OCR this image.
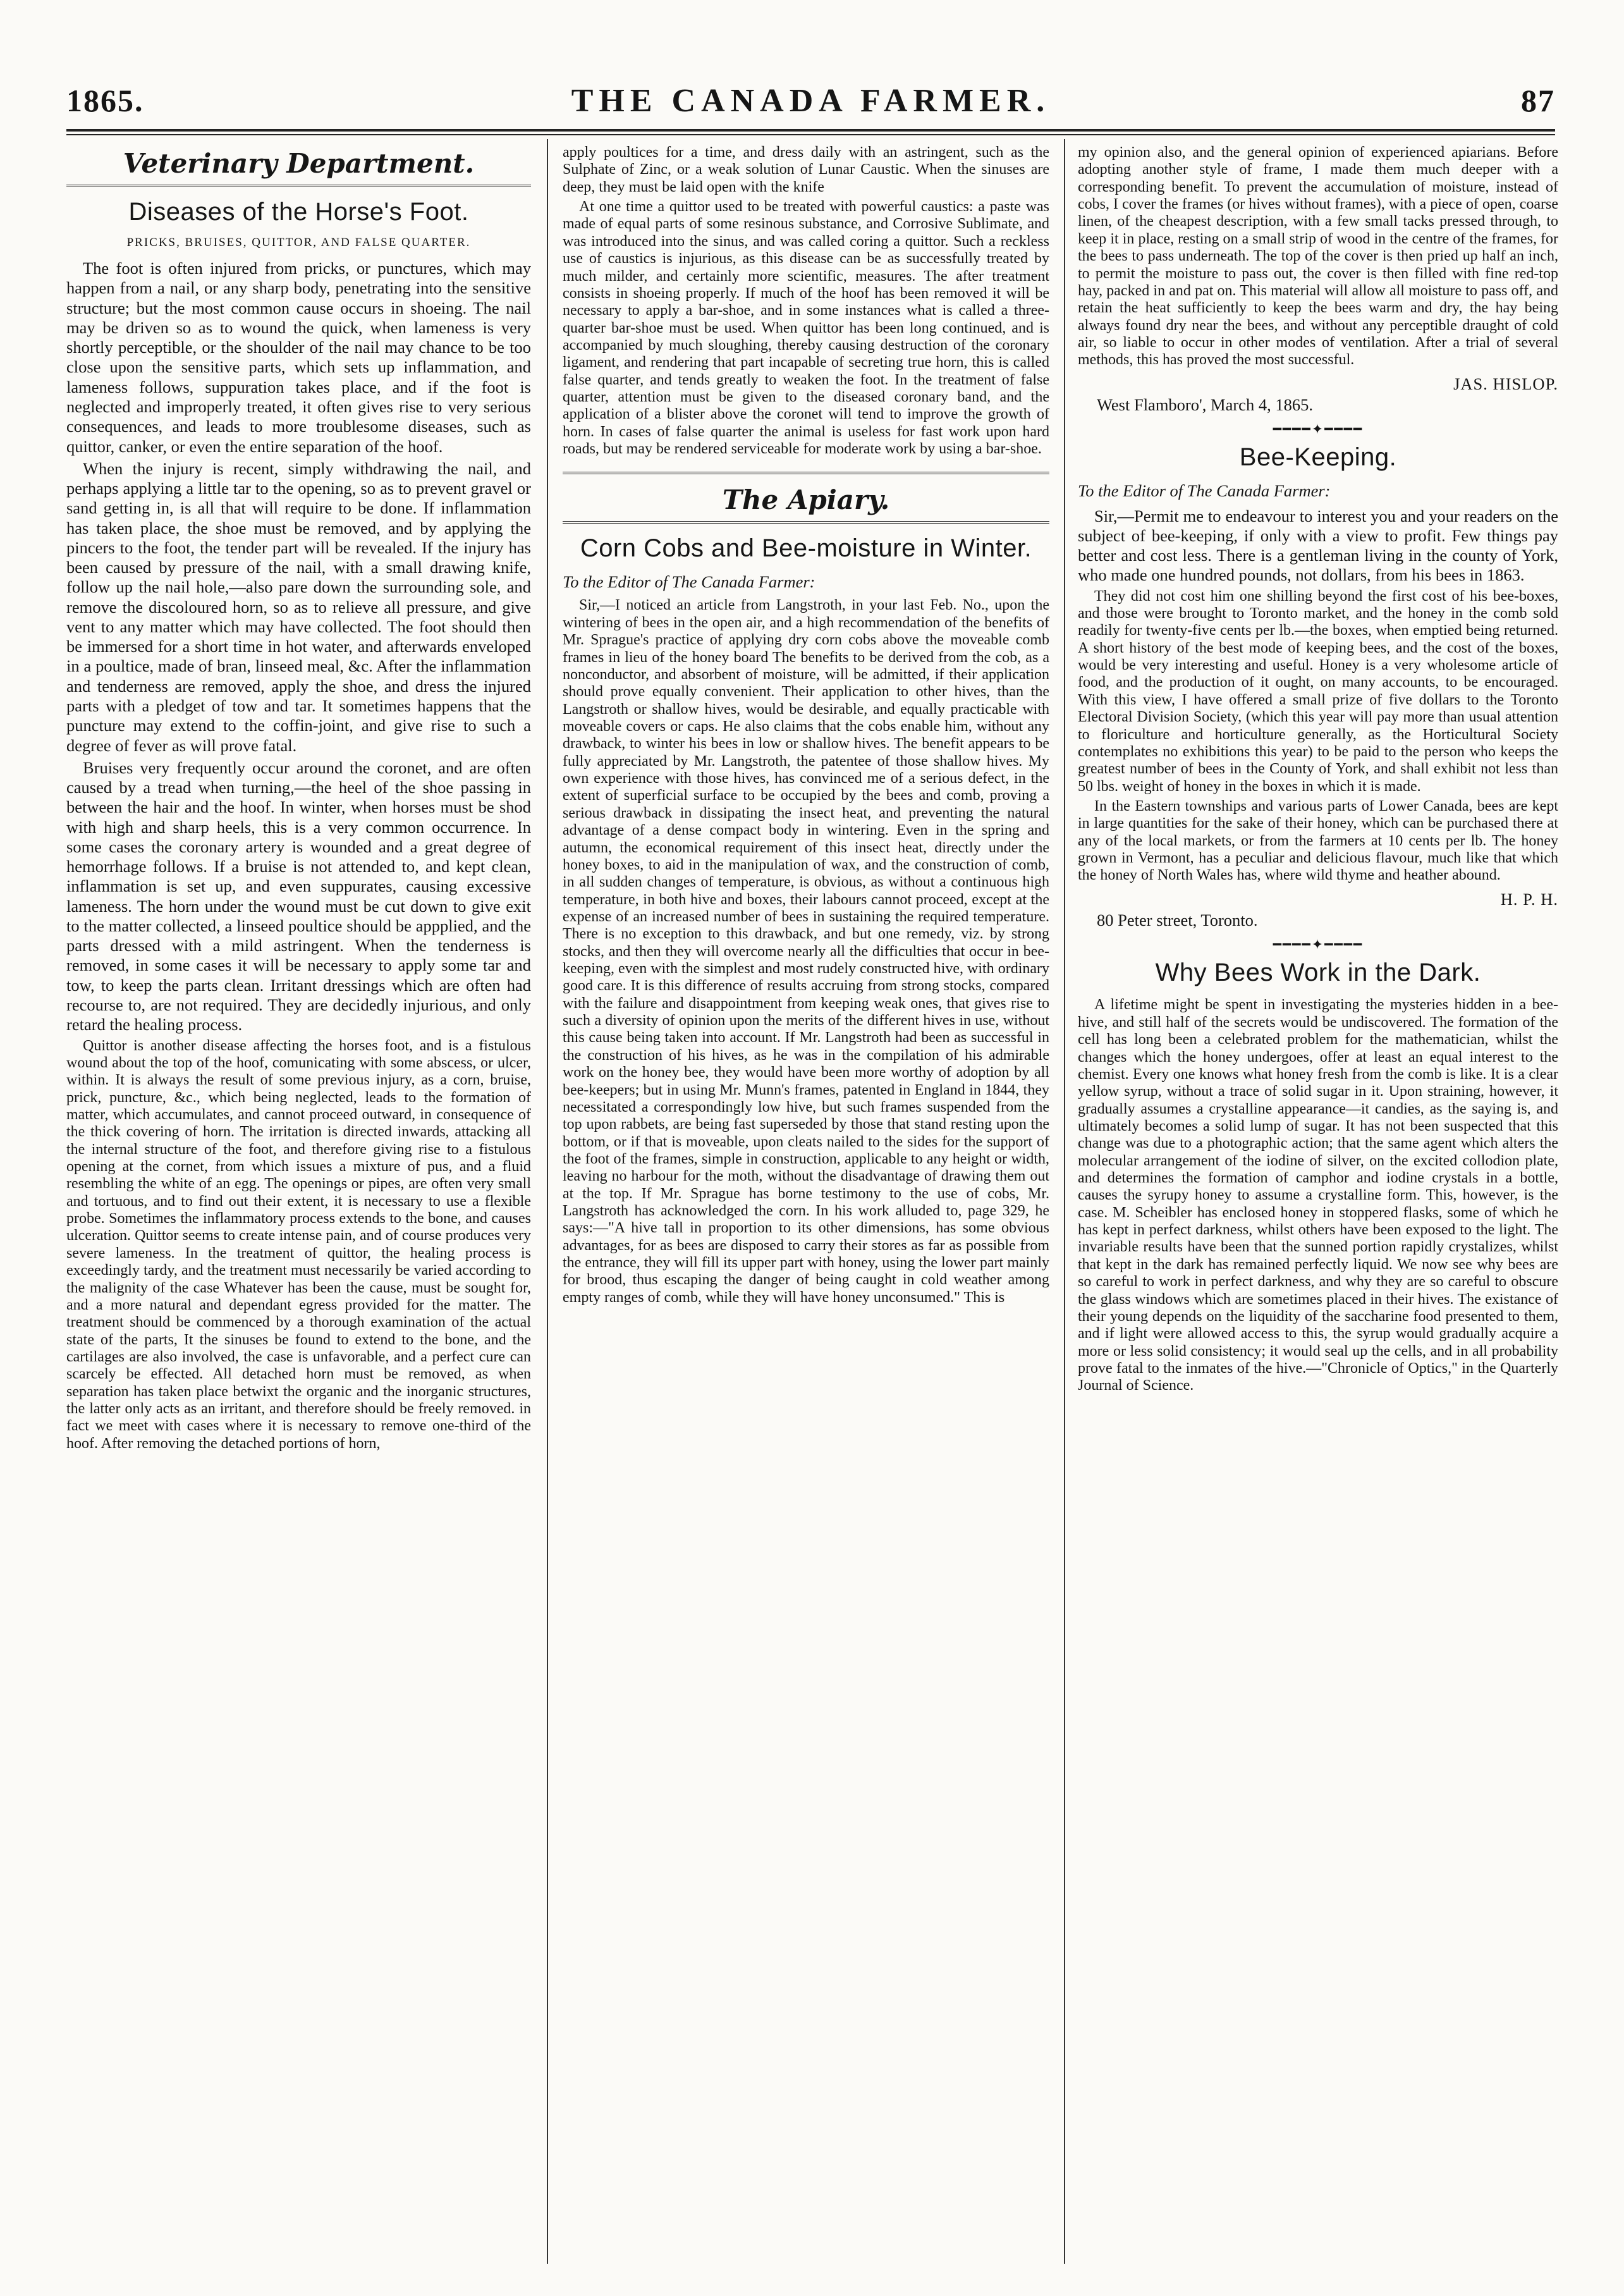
1865.	THE CANADA FARMER.	87
Veterinary Department.
Diseases of the Horse's Foot.
PRICKS, BRUISES, QUITTOR, AND FALSE QUARTER.

The foot is often injured from pricks, or punctures, which may happen from a nail, or any sharp body, penetrating into the sensitive structure; but the most common cause occurs in shoeing. The nail may be driven so as to wound the quick, when lameness is very shortly perceptible, or the shoulder of the nail may chance to be too close upon the sensitive parts, which sets up inflammation, and lameness follows, suppuration takes place, and if the foot is neglected and improperly treated, it often gives rise to very serious consequences, and leads to more troublesome diseases, such as quittor, canker, or even the entire separation of the hoof.

When the injury is recent, simply withdrawing the nail, and perhaps applying a little tar to the opening, so as to prevent gravel or sand getting in, is all that will require to be done. If inflammation has taken place, the shoe must be removed, and by applying the pincers to the foot, the tender part will be revealed. If the injury has been caused by pressure of the nail, with a small drawing knife, follow up the nail hole,—also pare down the surrounding sole, and remove the discoloured horn, so as to relieve all pressure, and give vent to any matter which may have collected. The foot should then be immersed for a short time in hot water, and afterwards enveloped in a poultice, made of bran, linseed meal, &c. After the inflammation and tenderness are removed, apply the shoe, and dress the injured parts with a pledget of tow and tar. It sometimes happens that the puncture may extend to the coffin-joint, and give rise to such a degree of fever as will prove fatal.

Bruises very frequently occur around the coronet, and are often caused by a tread when turning,—the heel of the shoe passing in between the hair and the hoof. In winter, when horses must be shod with high and sharp heels, this is a very common occurrence. In some cases the coronary artery is wounded and a great degree of hemorrhage follows. If a bruise is not attended to, and kept clean, inflammation is set up, and even suppurates, causing excessive lameness. The horn under the wound must be cut down to give exit to the matter collected, a linseed poultice should be appplied, and the parts dressed with a mild astringent. When the tenderness is removed, in some cases it will be necessary to apply some tar and tow, to keep the parts clean. Irritant dressings which are often had recourse to, are not required. They are decidedly injurious, and only retard the healing process.

Quittor is another disease affecting the horses foot, and is a fistulous wound about the top of the hoof, comunicating with some abscess, or ulcer, within. It is always the result of some previous injury, as a corn, bruise, prick, puncture, &c., which being neglected, leads to the formation of matter, which accumulates, and cannot proceed outward, in consequence of the thick covering of horn. The irritation is directed inwards, attacking all the internal structure of the foot, and therefore giving rise to a fistulous opening at the cornet, from which issues a mixture of pus, and a fluid resembling the white of an egg. The openings or pipes, are often very small and tortuous, and to find out their extent, it is necessary to use a flexible probe. Sometimes the inflammatory process extends to the bone, and causes ulceration. Quittor seems to create intense pain, and of course produces very severe lameness. In the treatment of quittor, the healing process is exceedingly tardy, and the treatment must necessarily be varied according to the malignity of the case Whatever has been the cause, must be sought for, and a more natural and dependant egress provided for the matter. The treatment should be commenced by a thorough examination of the actual state of the parts, It the sinuses be found to extend to the bone, and the cartilages are also involved, the case is unfavorable, and a perfect cure can scarcely be effected. All detached horn must be removed, as when separation has taken place betwixt the organic and the inorganic structures, the latter only acts as an irritant, and therefore should be freely removed. in fact we meet with cases where it is necessary to remove one-third of the hoof. After removing the detached portions of horn,

apply poultices for a time, and dress daily with an astringent, such as the Sulphate of Zinc, or a weak solution of Lunar Caustic. When the sinuses are deep, they must be laid open with the knife

At one time a quittor used to be treated with powerful caustics: a paste was made of equal parts of some resinous substance, and Corrosive Sublimate, and was introduced into the sinus, and was called coring a quittor. Such a reckless use of caustics is injurious, as this disease can be as successfully treated by much milder, and certainly more scientific, measures. The after treatment consists in shoeing properly. If much of the hoof has been removed it will be necessary to apply a bar-shoe, and in some instances what is called a three-quarter bar-shoe must be used. When quittor has been long continued, and is accompanied by much sloughing, thereby causing destruction of the coronary ligament, and rendering that part incapable of secreting true horn, this is called false quarter, and tends greatly to weaken the foot. In the treatment of false quarter, attention must be given to the diseased coronary band, and the application of a blister above the coronet will tend to improve the growth of horn. In cases of false quarter the animal is useless for fast work upon hard roads, but may be rendered serviceable for moderate work by using a bar-shoe.

The Apiary.
Corn Cobs and Bee-moisture in Winter.

To the Editor of The Canada Farmer:

Sir,—I noticed an article from Langstroth, in your last Feb. No., upon the wintering of bees in the open air, and a high recommendation of the benefits of Mr. Sprague's practice of applying dry corn cobs above the moveable comb frames in lieu of the honey board The benefits to be derived from the cob, as a nonconductor, and absorbent of moisture, will be admitted, if their application should prove equally convenient. Their application to other hives, than the Langstroth or shallow hives, would be desirable, and equally practicable with moveable covers or caps. He also claims that the cobs enable him, without any drawback, to winter his bees in low or shallow hives. The benefit appears to be fully appreciated by Mr. Langstroth, the patentee of those shallow hives. My own experience with those hives, has convinced me of a serious defect, in the extent of superficial surface to be occupied by the bees and comb, proving a serious drawback in dissipating the insect heat, and preventing the natural advantage of a dense compact body in wintering. Even in the spring and autumn, the economical requirement of this insect heat, directly under the honey boxes, to aid in the manipulation of wax, and the construction of comb, in all sudden changes of temperature, is obvious, as without a continuous high temperature, in both hive and boxes, their labours cannot proceed, except at the expense of an increased number of bees in sustaining the required temperature. There is no exception to this drawback, and but one remedy, viz. by strong stocks, and then they will overcome nearly all the difficulties that occur in bee-keeping, even with the simplest and most rudely constructed hive, with ordinary good care. It is this difference of results accruing from strong stocks, compared with the failure and disappointment from keeping weak ones, that gives rise to such a diversity of opinion upon the merits of the different hives in use, without this cause being taken into account. If Mr. Langstroth had been as successful in the construction of his hives, as he was in the compilation of his admirable work on the honey bee, they would have been more worthy of adoption by all bee-keepers; but in using Mr. Munn's frames, patented in England in 1844, they necessitated a correspondingly low hive, but such frames suspended from the top upon rabbets, are being fast superseded by those that stand resting upon the bottom, or if that is moveable, upon cleats nailed to the sides for the support of the foot of the frames, simple in construction, applicable to any height or width, leaving no harbour for the moth, without the disadvantage of drawing them out at the top. If Mr. Sprague has borne testimony to the use of cobs, Mr. Langstroth has acknowledged the corn. In his work alluded to, page 329, he says:—"A hive tall in proportion to its other dimensions, has some obvious advantages, for as bees are disposed to carry their stores as far as possible from the entrance, they will fill its upper part with honey, using the lower part mainly for brood, thus escaping the danger of being caught in cold weather among empty ranges of comb, while they will have honey unconsumed." This is

my opinion also, and the general opinion of experienced apiarians. Before adopting another style of frame, I made them much deeper with a corresponding benefit. To prevent the accumulation of moisture, instead of cobs, I cover the frames (or hives without frames), with a piece of open, coarse linen, of the cheapest description, with a few small tacks pressed through, to keep it in place, resting on a small strip of wood in the centre of the frames, for the bees to pass underneath. The top of the cover is then pried up half an inch, to permit the moisture to pass out, the cover is then filled with fine red-top hay, packed in and pat on. This material will allow all moisture to pass off, and retain the heat sufficiently to keep the bees warm and dry, the hay being always found dry near the bees, and without any perceptible draught of cold air, so liable to occur in other modes of ventilation. After a trial of several methods, this has proved the most successful.

JAS. HISLOP.

West Flamboro', March 4, 1865.

━━━━✦━━━━
Bee-Keeping.

To the Editor of The Canada Farmer:

Sir,—Permit me to endeavour to interest you and your readers on the subject of bee-keeping, if only with a view to profit. Few things pay better and cost less. There is a gentleman living in the county of York, who made one hundred pounds, not dollars, from his bees in 1863.

They did not cost him one shilling beyond the first cost of his bee-boxes, and those were brought to Toronto market, and the honey in the comb sold readily for twenty-five cents per lb.—the boxes, when emptied being returned. A short history of the best mode of keeping bees, and the cost of the boxes, would be very interesting and useful. Honey is a very wholesome article of food, and the production of it ought, on many accounts, to be encouraged. With this view, I have offered a small prize of five dollars to the Toronto Electoral Division Society, (which this year will pay more than usual attention to floriculture and horticulture generally, as the Horticultural Society contemplates no exhibitions this year) to be paid to the person who keeps the greatest number of bees in the County of York, and shall exhibit not less than 50 lbs. weight of honey in the boxes in which it is made.

In the Eastern townships and various parts of Lower Canada, bees are kept in large quantities for the sake of their honey, which can be purchased there at any of the local markets, or from the farmers at 10 cents per lb. The honey grown in Vermont, has a peculiar and delicious flavour, much like that which the honey of North Wales has, where wild thyme and heather abound.

H. P. H.

80 Peter street, Toronto.

━━━━✦━━━━
Why Bees Work in the Dark.

A lifetime might be spent in investigating the mysteries hidden in a bee-hive, and still half of the secrets would be undiscovered. The formation of the cell has long been a celebrated problem for the mathematician, whilst the changes which the honey undergoes, offer at least an equal interest to the chemist. Every one knows what honey fresh from the comb is like. It is a clear yellow syrup, without a trace of solid sugar in it. Upon straining, however, it gradually assumes a crystalline appearance—it candies, as the saying is, and ultimately becomes a solid lump of sugar. It has not been suspected that this change was due to a photographic action; that the same agent which alters the molecular arrangement of the iodine of silver, on the excited collodion plate, and determines the formation of camphor and iodine crystals in a bottle, causes the syrupy honey to assume a crystalline form. This, however, is the case. M. Scheibler has enclosed honey in stoppered flasks, some of which he has kept in perfect darkness, whilst others have been exposed to the light. The invariable results have been that the sunned portion rapidly crystalizes, whilst that kept in the dark has remained perfectly liquid. We now see why bees are so careful to work in perfect darkness, and why they are so careful to obscure the glass windows which are sometimes placed in their hives. The existance of their young depends on the liquidity of the saccharine food presented to them, and if light were allowed access to this, the syrup would gradually acquire a more or less solid consistency; it would seal up the cells, and in all probability prove fatal to the inmates of the hive.—"Chronicle of Optics," in the Quarterly Journal of Science.
